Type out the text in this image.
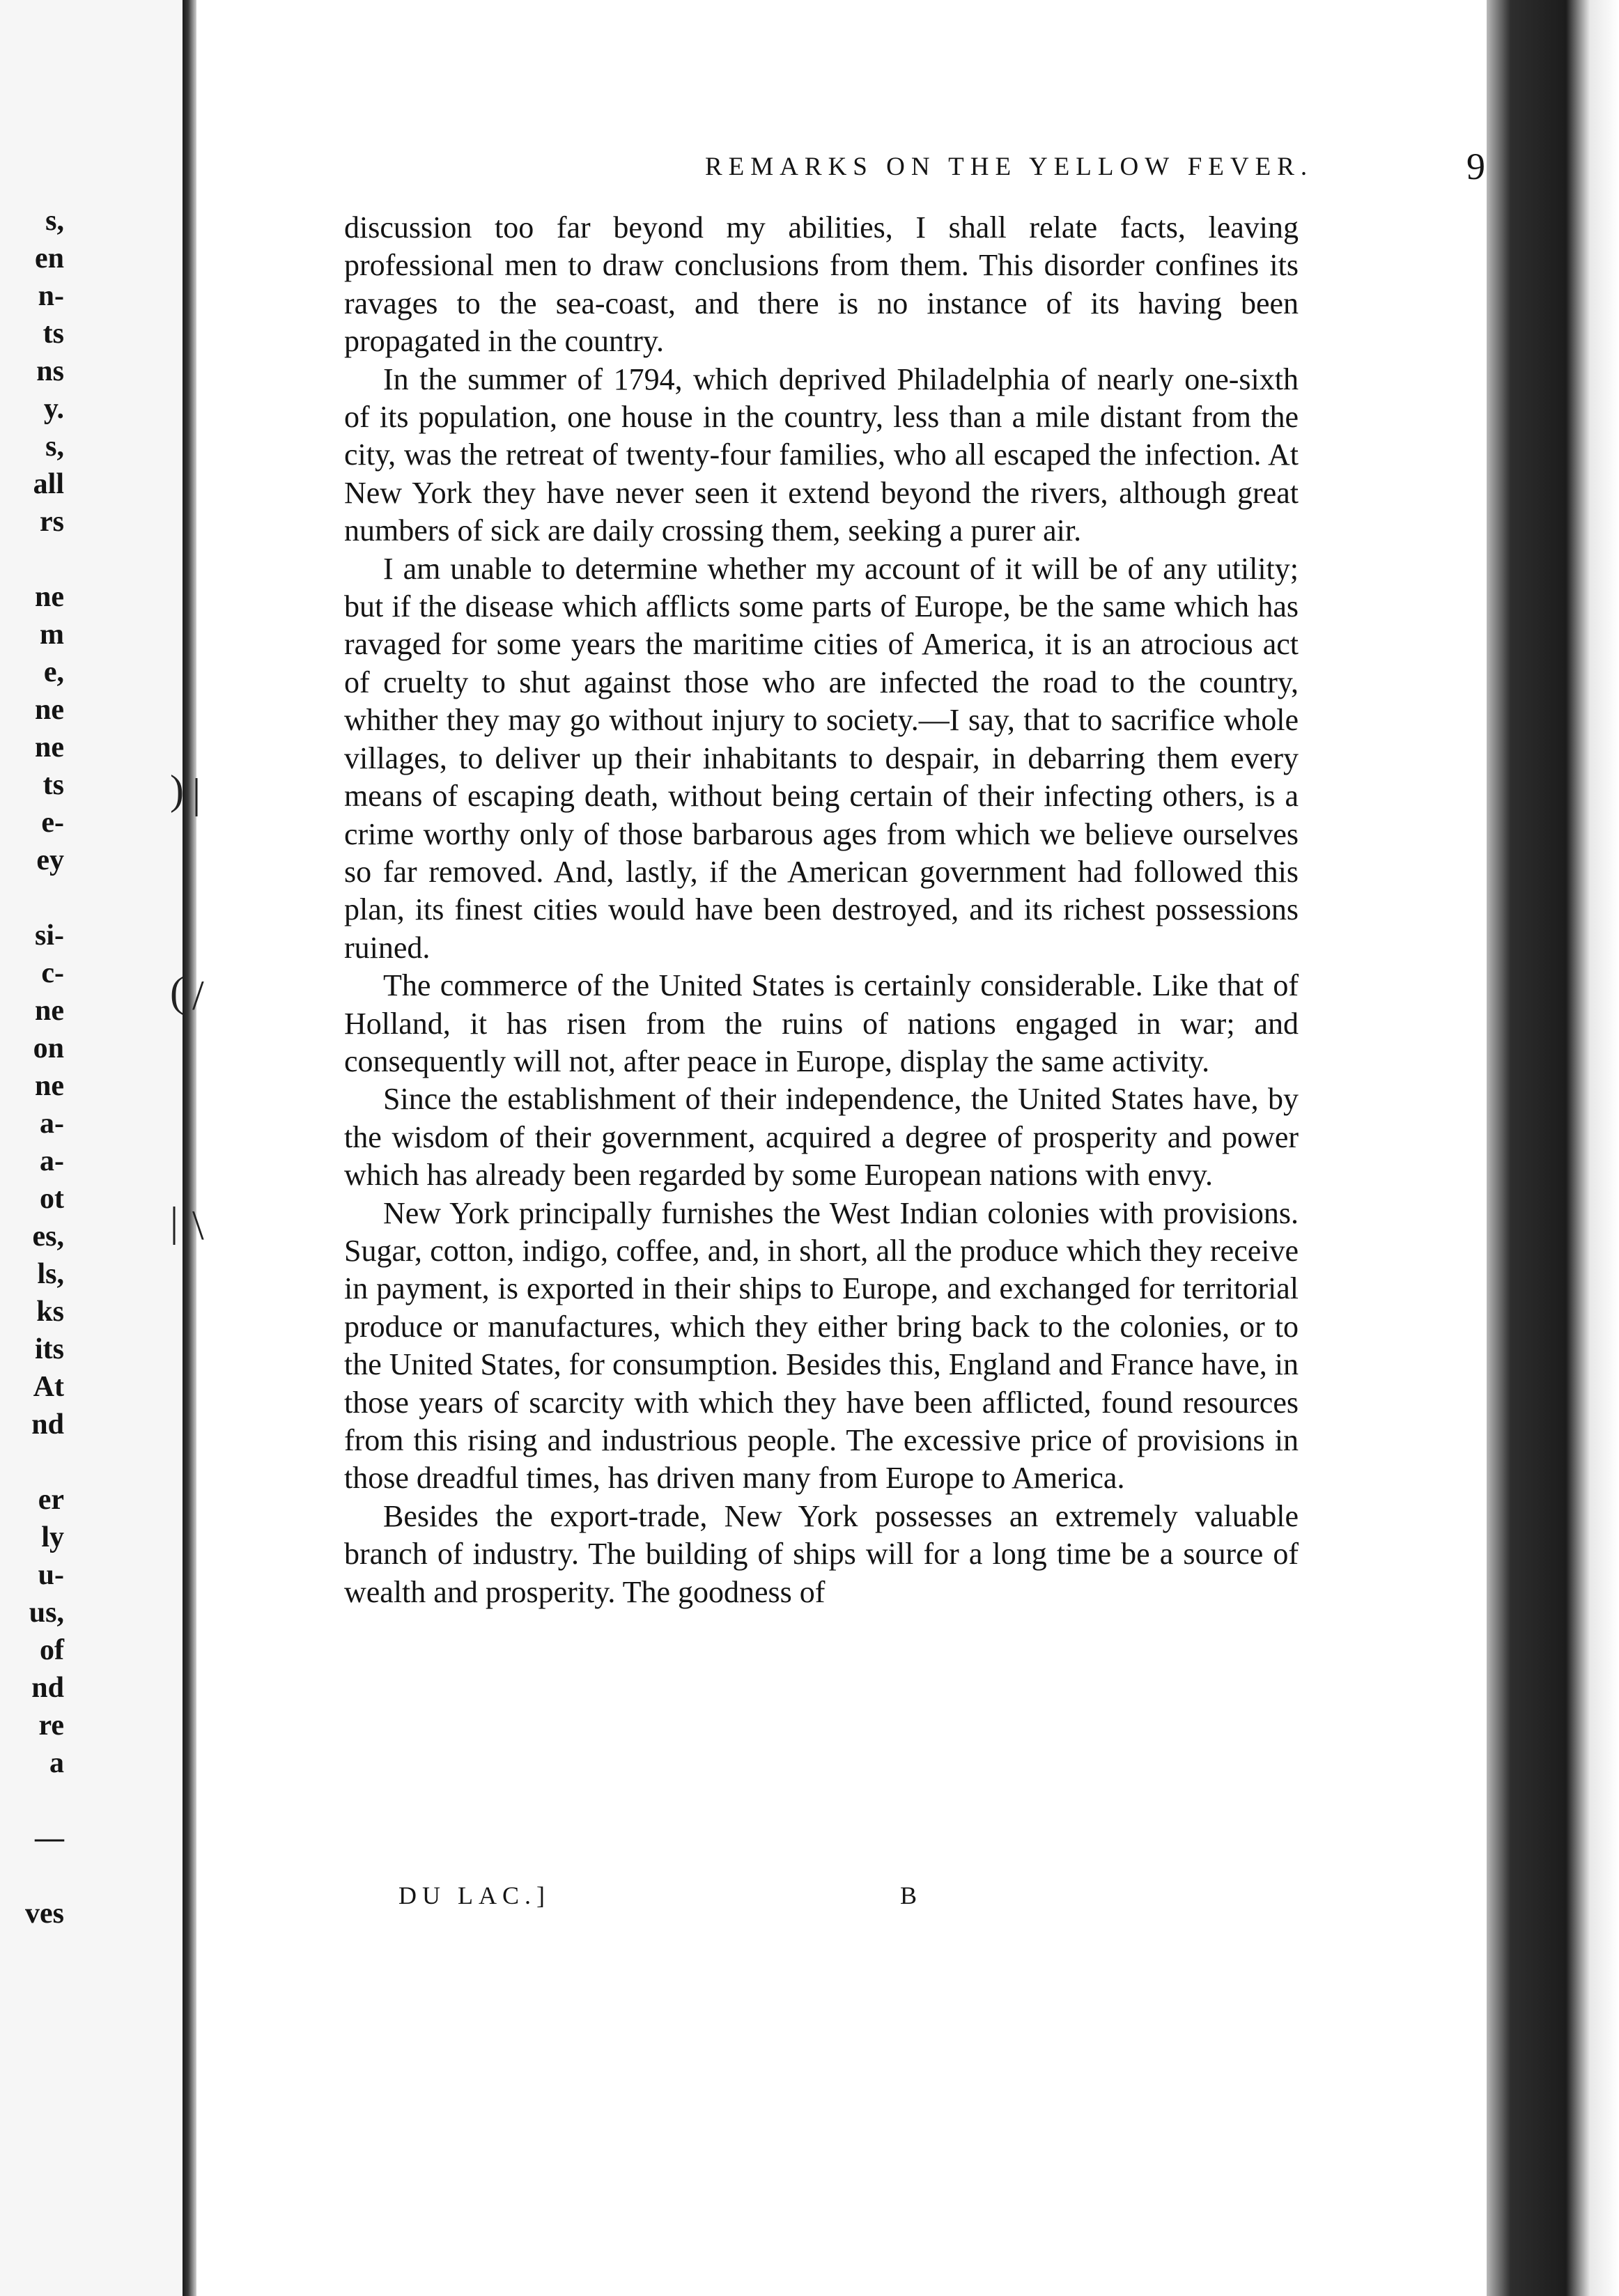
s,
en
n-
ts
ns
y.
s,
all
rs
ne
m
e,
ne
ne
ts
e-
ey
si-
c-
ne
on
ne
a-
a-
ot
es,
ls,
ks
its
At
nd
er
ly
u-
us,
of
nd
re
a
—
ves
) |
( /
| \
REMARKS ON THE YELLOW FEVER.	9

discussion too far beyond my abilities, I shall relate facts, leaving professional men to draw conclusions from them. This disorder confines its ravages to the sea-coast, and there is no instance of its having been propagated in the country.

In the summer of 1794, which deprived Philadelphia of nearly one-sixth of its population, one house in the country, less than a mile distant from the city, was the retreat of twenty-four families, who all escaped the infection. At New York they have never seen it extend beyond the rivers, although great numbers of sick are daily crossing them, seeking a purer air.

I am unable to determine whether my account of it will be of any utility; but if the disease which afflicts some parts of Europe, be the same which has ravaged for some years the maritime cities of America, it is an atrocious act of cruelty to shut against those who are infected the road to the country, whither they may go without injury to society.—I say, that to sacrifice whole villages, to deliver up their inhabitants to despair, in debarring them every means of escaping death, without being certain of their infecting others, is a crime worthy only of those barbarous ages from which we believe ourselves so far removed. And, lastly, if the American government had followed this plan, its finest cities would have been destroyed, and its richest possessions ruined.

The commerce of the United States is certainly considerable. Like that of Holland, it has risen from the ruins of nations engaged in war; and consequently will not, after peace in Europe, display the same activity.

Since the establishment of their independence, the United States have, by the wisdom of their government, acquired a degree of prosperity and power which has already been regarded by some European nations with envy.

New York principally furnishes the West Indian colonies with provisions. Sugar, cotton, indigo, coffee, and, in short, all the produce which they receive in payment, is exported in their ships to Europe, and exchanged for territorial produce or manufactures, which they either bring back to the colonies, or to the United States, for consumption. Besides this, England and France have, in those years of scarcity with which they have been afflicted, found resources from this rising and industrious people. The excessive price of provisions in those dreadful times, has driven many from Europe to America.

Besides the export-trade, New York possesses an extremely valuable branch of industry. The building of ships will for a long time be a source of wealth and prosperity. The goodness of

DU LAC.]	B
